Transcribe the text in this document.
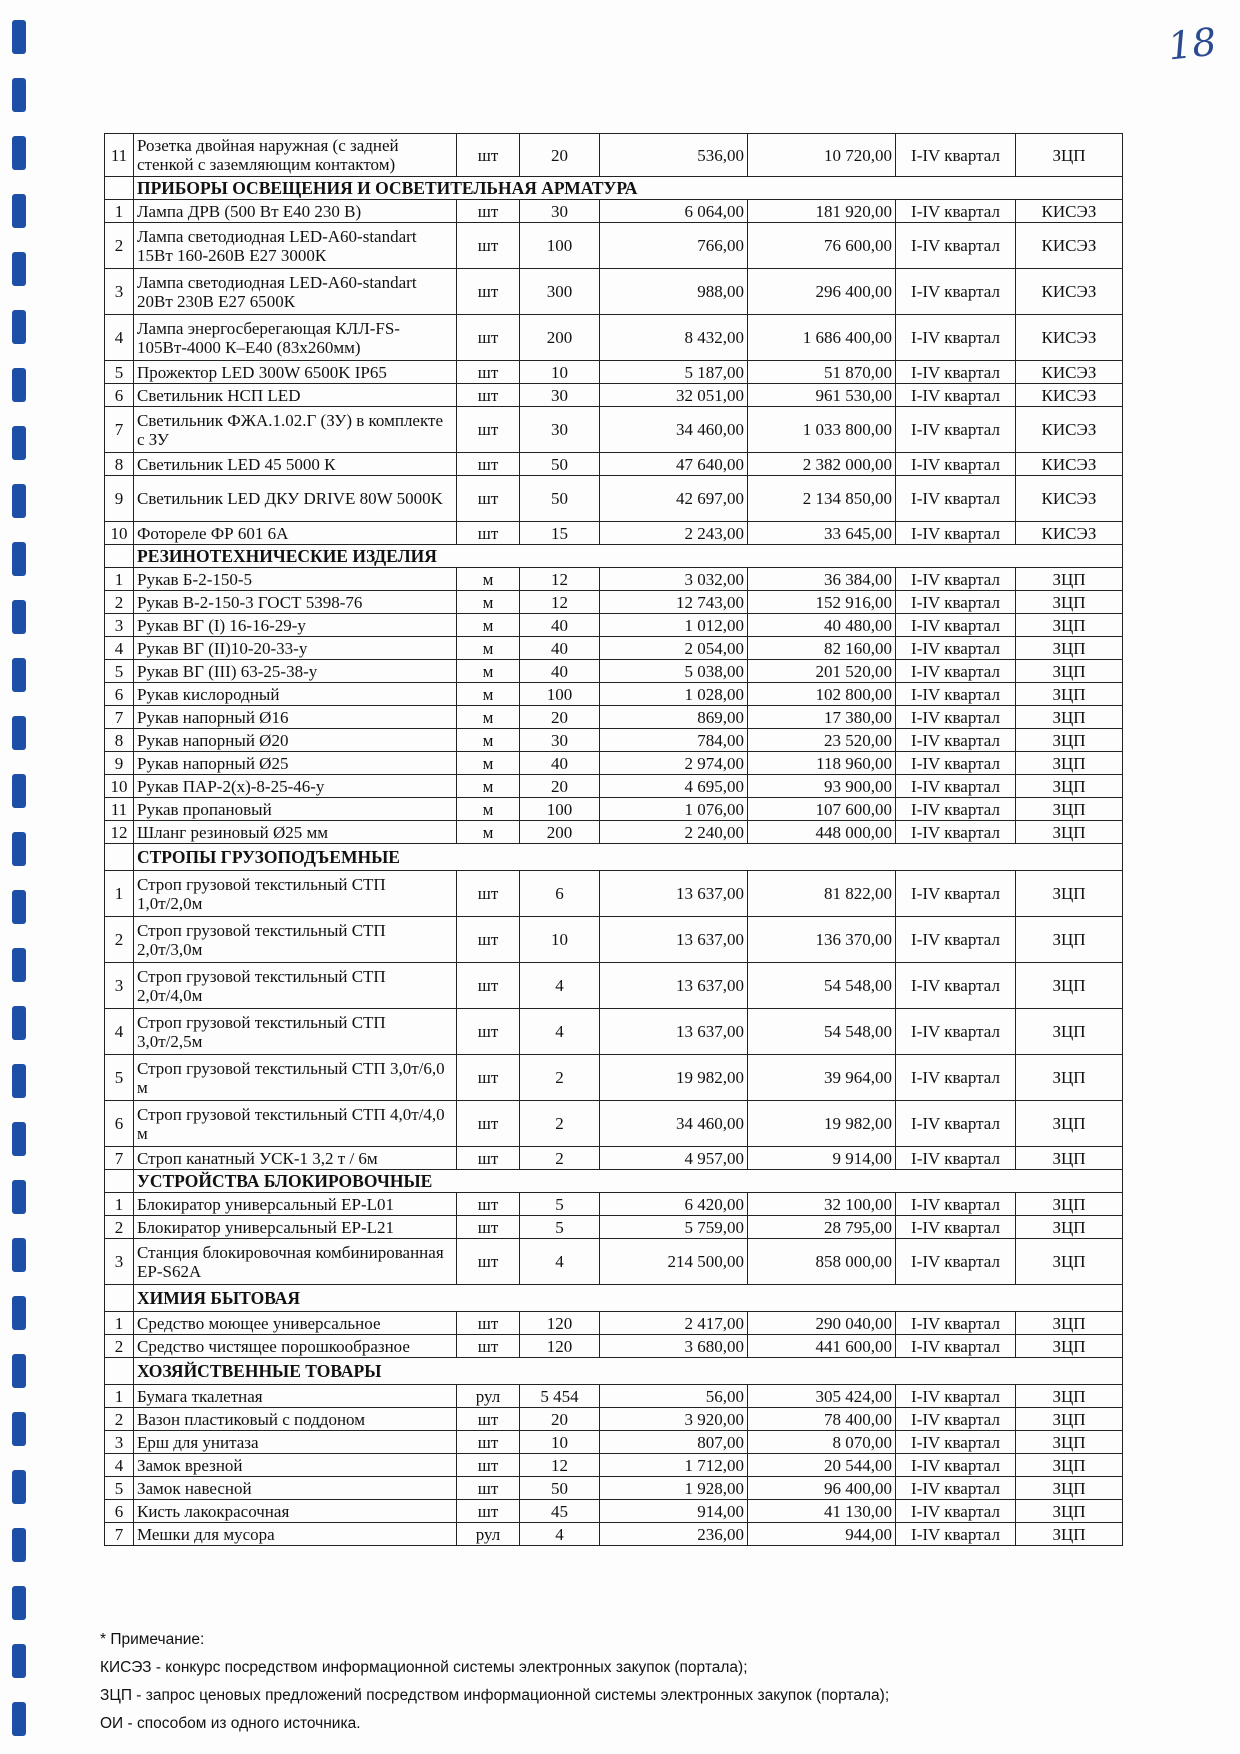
18
11	Розетка двойная наружная (с задней стенкой с заземляющим контактом)	шт	20	536,00	10 720,00	I-IV квартал	ЗЦП
	ПРИБОРЫ ОСВЕЩЕНИЯ И ОСВЕТИТЕЛЬНАЯ АРМАТУРА						
1	Лампа ДРВ (500 Вт Е40 230 В)	шт	30	6 064,00	181 920,00	I-IV квартал	КИСЭЗ
2	Лампа светодиодная LED-A60-standart 15Вт 160-260В Е27 3000К	шт	100	766,00	76 600,00	I-IV квартал	КИСЭЗ
3	Лампа светодиодная LED-A60-standart 20Вт 230В Е27 6500К	шт	300	988,00	296 400,00	I-IV квартал	КИСЭЗ
4	Лампа энергосберегающая КЛЛ-FS-105Вт-4000 К–Е40 (83х260мм)	шт	200	8 432,00	1 686 400,00	I-IV квартал	КИСЭЗ
5	Прожектор LED 300W 6500K IP65	шт	10	5 187,00	51 870,00	I-IV квартал	КИСЭЗ
6	Светильник НСП LED	шт	30	32 051,00	961 530,00	I-IV квартал	КИСЭЗ
7	Светильник ФЖА.1.02.Г (ЗУ) в комплекте с ЗУ	шт	30	34 460,00	1 033 800,00	I-IV квартал	КИСЭЗ
8	Светильник LED 45 5000 К	шт	50	47 640,00	2 382 000,00	I-IV квартал	КИСЭЗ
9	Светильник LED ДКУ DRIVE 80W 5000K	шт	50	42 697,00	2 134 850,00	I-IV квартал	КИСЭЗ
10	Фотореле ФР 601 6А	шт	15	2 243,00	33 645,00	I-IV квартал	КИСЭЗ
	РЕЗИНОТЕХНИЧЕСКИЕ ИЗДЕЛИЯ						
1	Рукав Б-2-150-5	м	12	3 032,00	36 384,00	I-IV квартал	ЗЦП
2	Рукав В-2-150-3 ГОСТ 5398-76	м	12	12 743,00	152 916,00	I-IV квартал	ЗЦП
3	Рукав ВГ (I) 16-16-29-у	м	40	1 012,00	40 480,00	I-IV квартал	ЗЦП
4	Рукав ВГ (II)10-20-33-у	м	40	2 054,00	82 160,00	I-IV квартал	ЗЦП
5	Рукав ВГ (III) 63-25-38-у	м	40	5 038,00	201 520,00	I-IV квартал	ЗЦП
6	Рукав кислородный	м	100	1 028,00	102 800,00	I-IV квартал	ЗЦП
7	Рукав напорный Ø16	м	20	869,00	17 380,00	I-IV квартал	ЗЦП
8	Рукав напорный Ø20	м	30	784,00	23 520,00	I-IV квартал	ЗЦП
9	Рукав напорный Ø25	м	40	2 974,00	118 960,00	I-IV квартал	ЗЦП
10	Рукав ПАР-2(х)-8-25-46-у	м	20	4 695,00	93 900,00	I-IV квартал	ЗЦП
11	Рукав пропановый	м	100	1 076,00	107 600,00	I-IV квартал	ЗЦП
12	Шланг резиновый Ø25 мм	м	200	2 240,00	448 000,00	I-IV квартал	ЗЦП
	СТРОПЫ ГРУЗОПОДЪЕМНЫЕ						
1	Строп грузовой текстильный СТП 1,0т/2,0м	шт	6	13 637,00	81 822,00	I-IV квартал	ЗЦП
2	Строп грузовой текстильный СТП 2,0т/3,0м	шт	10	13 637,00	136 370,00	I-IV квартал	ЗЦП
3	Строп грузовой текстильный СТП 2,0т/4,0м	шт	4	13 637,00	54 548,00	I-IV квартал	ЗЦП
4	Строп грузовой текстильный СТП 3,0т/2,5м	шт	4	13 637,00	54 548,00	I-IV квартал	ЗЦП
5	Строп грузовой текстильный СТП 3,0т/6,0 м	шт	2	19 982,00	39 964,00	I-IV квартал	ЗЦП
6	Строп грузовой текстильный СТП 4,0т/4,0 м	шт	2	34 460,00	19 982,00	I-IV квартал	ЗЦП
7	Строп канатный УСК-1 3,2 т / 6м	шт	2	4 957,00	9 914,00	I-IV квартал	ЗЦП
	УСТРОЙСТВА БЛОКИРОВОЧНЫЕ						
1	Блокиратор универсальный EP-L01	шт	5	6 420,00	32 100,00	I-IV квартал	ЗЦП
2	Блокиратор универсальный EP-L21	шт	5	5 759,00	28 795,00	I-IV квартал	ЗЦП
3	Станция блокировочная комбинированная EP-S62A	шт	4	214 500,00	858 000,00	I-IV квартал	ЗЦП
	ХИМИЯ БЫТОВАЯ						
1	Средство моющее универсальное	шт	120	2 417,00	290 040,00	I-IV квартал	ЗЦП
2	Средство чистящее порошкообразное	шт	120	3 680,00	441 600,00	I-IV квартал	ЗЦП
	ХОЗЯЙСТВЕННЫЕ ТОВАРЫ						
1	Бумага ткалетная	рул	5 454	56,00	305 424,00	I-IV квартал	ЗЦП
2	Вазон пластиковый с поддоном	шт	20	3 920,00	78 400,00	I-IV квартал	ЗЦП
3	Ерш для унитаза	шт	10	807,00	8 070,00	I-IV квартал	ЗЦП
4	Замок врезной	шт	12	1 712,00	20 544,00	I-IV квартал	ЗЦП
5	Замок навесной	шт	50	1 928,00	96 400,00	I-IV квартал	ЗЦП
6	Кисть лакокрасочная	шт	45	914,00	41 130,00	I-IV квартал	ЗЦП
7	Мешки для мусора	рул	4	236,00	944,00	I-IV квартал	ЗЦП
* Примечание:
КИСЭЗ - конкурс посредством информационной системы электронных закупок (портала);
ЗЦП - запрос ценовых предложений посредством информационной системы электронных закупок (портала);
ОИ - способом из одного источника.
